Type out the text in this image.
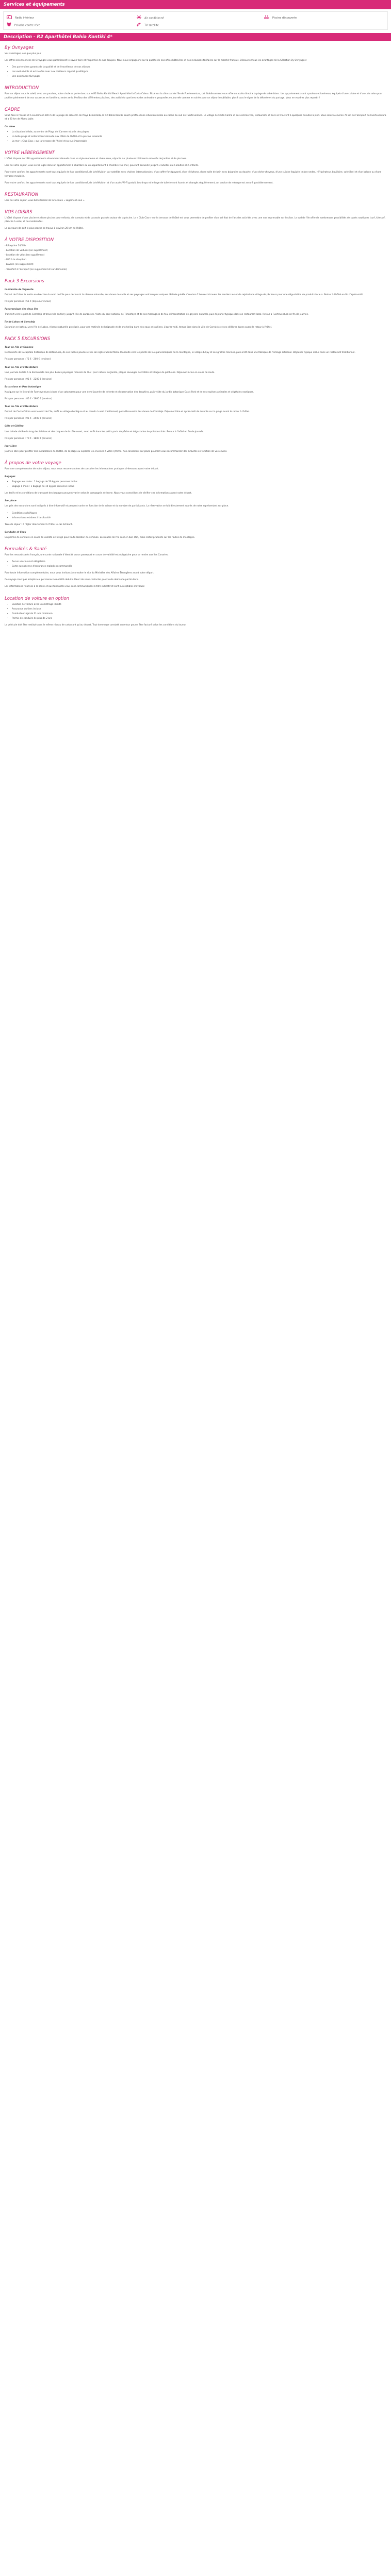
Services et équipements
Radio intérieur	Air conditionné	Piscine découverte
Peluche contre rêve	TV satellite
Description - R2 Aparthôtel Bahía Kontiki 4*
By Ovnyages

Vos avantages, ces que plus jour

Les offres sélectionnées de Ovnyages vous garantissent le savoir-faire et l'expertise de nos équipes. Nous nous engageons sur la qualité de nos offres hôtelières et nos inclusions tarifaires sur le marché français. Découvrez tous les avantages de la Sélection By Ovnyages :

• Des partenaires garants de la qualité et de l'excellence de nos séjours
• Les exclusivités et extra offre avec aux meilleurs rapport qualité/prix
• Une assistance Ovnyages
INTRODUCTION

Pour un séjour sous le soleil, avec vos proches, notre choix se porte donc sur le R2 Bahía Kontiki Beach Aparthôtel à Costa Calma. Situé sur la côte sud de l'île de Fuerteventura, cet établissement vous offre un accès direct à la plage de sable blanc. Les appartements sont spacieux et lumineux, équipés d'une cuisine et d'un coin salon pour profiter pleinement de vos vacances en famille ou entre amis. Profitez des différentes piscines, des activités sportives et des animations proposées en journée comme en soirée pour un séjour inoubliable, placé sous le signe de la détente et du partage. Vous ne voudrez plus repartir !

CADRE

Situé face à l'océan et à seulement 300 m de la plage de sable fin de Playa Esmeralda, le R2 Bahía Kontiki Beach profite d'une situation idéale au calme du sud de Fuerteventura. Le village de Costa Calma et ses commerces, restaurants et bars se trouvent à quelques minutes à pied. Vous serez à environ 70 km de l'aéroport de Fuerteventura et à 20 km de Morro Jable.

On aime
• La situation idéale, au centre de Playa del Carmen et près des plages
• La belle plage et entièrement rénovée aux côtés de l'hôtel et la piscine relaxante
• La mer « Club Ciao » sur la terrasse de l'hôtel et sa vue imprenable
VOTRE HÉBERGEMENT

L'hôtel dispose de 148 appartements récemment rénovés dans un style moderne et chaleureux, répartis sur plusieurs bâtiments entourés de jardins et de piscines.

Lors de votre séjour, vous serez logés dans un appartement 1 chambre ou un appartement 1 chambre vue mer, pouvant accueillir jusqu'à 3 adultes ou 2 adultes et 2 enfants.

Pour votre confort, les appartements sont tous équipés de l'air conditionné, de la télévision par satellite avec chaînes internationales, d'un coffre-fort (payant), d'un téléphone, d'une salle de bain avec baignoire ou douche, d'un sèche-cheveux, d'une cuisine équipée (micro-ondes, réfrigérateur, bouilloire, cafetière) et d'un balcon ou d'une terrasse meublée.

Pour votre confort, les appartements sont tous équipés de l'air conditionné, de la télévision et d'un accès Wi-Fi gratuit. Les draps et le linge de toilette sont fournis et changés régulièrement, un service de ménage est assuré quotidiennement.

RESTAURATION

Lors de votre séjour, vous bénéficierez de la formule « Logement seul ».

VOS LOISIRS

L'hôtel dispose d'une piscine et d'une piscine pour enfants, de transats et de parasols gratuits autour de la piscine. Le « Club Ciao » sur la terrasse de l'hôtel est vous permettra de profiter d'un bel état de l'art des activités avec une vue imprenable sur l'océan. Le sud de l'île offre de nombreuses possibilités de sports nautiques (surf, kitesurf, planche à voile) et de randonnées.

Le parcours de golf le plus proche se trouve à environ 20 km de l'hôtel.

À VOTRE DISPOSITION
- Réception 24/24h
- Location de voitures (en supplément)
- Location de vélos (en supplément)
- Wifi à la réception
- Laverie (en supplément)
- Transfert à l'aéroport (en supplément et sur demande)
Pack 3 Excursions
La Marche de Tegueste

Départ de l'hôtel le matin en direction du nord de l'île pour découvrir la réserve naturelle, ses dunes de sable et ses paysages volcaniques uniques. Balade guidée d'environ 2 heures à travers les sentiers avant de rejoindre le village de pêcheurs pour une dégustation de produits locaux. Retour à l'hôtel en fin d'après-midi.

Prix par personne : 55 € (déjeuner inclus)

Panoramique des deux îles

Transfert vers le port de Corralejo et traversée en ferry jusqu'à l'île de Lanzarote. Visite du parc national de Timanfaya et de ses montagnes de feu, démonstration de geysers naturels, puis déjeuner typique dans un restaurant local. Retour à Fuerteventura en fin de journée.

Île de Lobos et Corralejo

Excursion en bateau vers l'île de Lobos, réserve naturelle protégée, pour une matinée de baignade et de snorkeling dans des eaux cristallines. L'après-midi, temps libre dans la ville de Corralejo et ses célèbres dunes avant le retour à l'hôtel.

PACK 5 EXCURSIONS
Tour de l'île et Colonne

Découverte de la capitale historique de Betancuria, de ses ruelles pavées et de son église Santa María. Poursuite vers les points de vue panoramiques de la montagne, le village d'Ajuy et ses grottes marines, puis arrêt dans une fabrique de fromage artisanal. Déjeuner typique inclus dans un restaurant traditionnel.

Prix par personne : 75 € - 200 € (environ)

Tour de l'île et Fête Nature

Une journée dédiée à la découverte des plus beaux paysages naturels de l'île : parc naturel de Jandía, plages sauvages de Cofete et villages de pêcheurs. Déjeuner inclus en cours de route.

Prix par personne : 95 € - 2200 € (environ)

Excursions et Parc botanique

Naviguez sur le littoral de Fuerteventura à bord d'un catamaran pour une demi-journée de détente et d'observation des dauphins, puis visite du jardin botanique Oasis Park et de ses espèces animales et végétales exotiques.

Prix par personne : 85 € - 1900 € (environ)

Tour de l'île et Fête Nature

Départ de Costa Calma vers le nord de l'île, arrêt au village d'Antigua et au moulin à vent traditionnel, puis découverte des dunes de Corralejo. Déjeuner libre et après-midi de détente sur la plage avant le retour à l'hôtel.

Prix par personne : 95 € - 2500 € (environ)

Côte et Côtière

Une balade côtière le long des falaises et des criques de la côte ouest, avec arrêt dans les petits ports de pêche et dégustation de poissons frais. Retour à l'hôtel en fin de journée.

Prix par personne : 70 € - 1800 € (environ)

Jour Libre

Journée libre pour profiter des installations de l'hôtel, de la plage ou explorer les environs à votre rythme. Nos conseillers sur place pourront vous recommander des activités en fonction de vos envies.

À propos de votre voyage

Pour une compréhension de votre séjour, nous vous recommandons de consulter les informations pratiques ci-dessous avant votre départ.

Bagages
• Bagages en soute : 1 bagage de 20 kg par personne inclus
• Bagage à main : 1 bagage de 10 kg par personne inclus

Les tarifs et les conditions de transport des bagages peuvent varier selon la compagnie aérienne. Nous vous conseillons de vérifier ces informations avant votre départ.

Sur place

Les prix des excursions sont indiqués à titre informatif et peuvent varier en fonction de la saison et du nombre de participants. La réservation se fait directement auprès de notre représentant sur place.

• Conditions spécifiques
• Informations relatives à la sécurité

Taxe de séjour : à régler directement à l'hôtel le cas échéant.

Conduite et lieux

Un permis de conduire en cours de validité est exigé pour toute location de véhicule. Les routes de l'île sont en bon état, mais restez prudents sur les routes de montagne.

Formalités & Santé

Pour les ressortissants français, une carte nationale d'identité ou un passeport en cours de validité est obligatoire pour se rendre aux îles Canaries.

• Aucun vaccin n'est obligatoire
• Carte européenne d'assurance maladie recommandée

Pour toute information complémentaire, nous vous invitons à consulter le site du Ministère des Affaires Étrangères avant votre départ.

Ce voyage n'est pas adapté aux personnes à mobilité réduite. Merci de nous contacter pour toute demande particulière.

Les informations relatives à la santé et aux formalités vous sont communiquées à titre indicatif et sont susceptibles d'évoluer.

Location de voiture en option
• Location de voiture avec kilométrage illimité
• Assurance au tiers incluse
• Conducteur âgé de 21 ans minimum
• Permis de conduire de plus de 2 ans

Le véhicule doit être restitué avec le même niveau de carburant qu'au départ. Tout dommage constaté au retour pourra être facturé selon les conditions du loueur.
